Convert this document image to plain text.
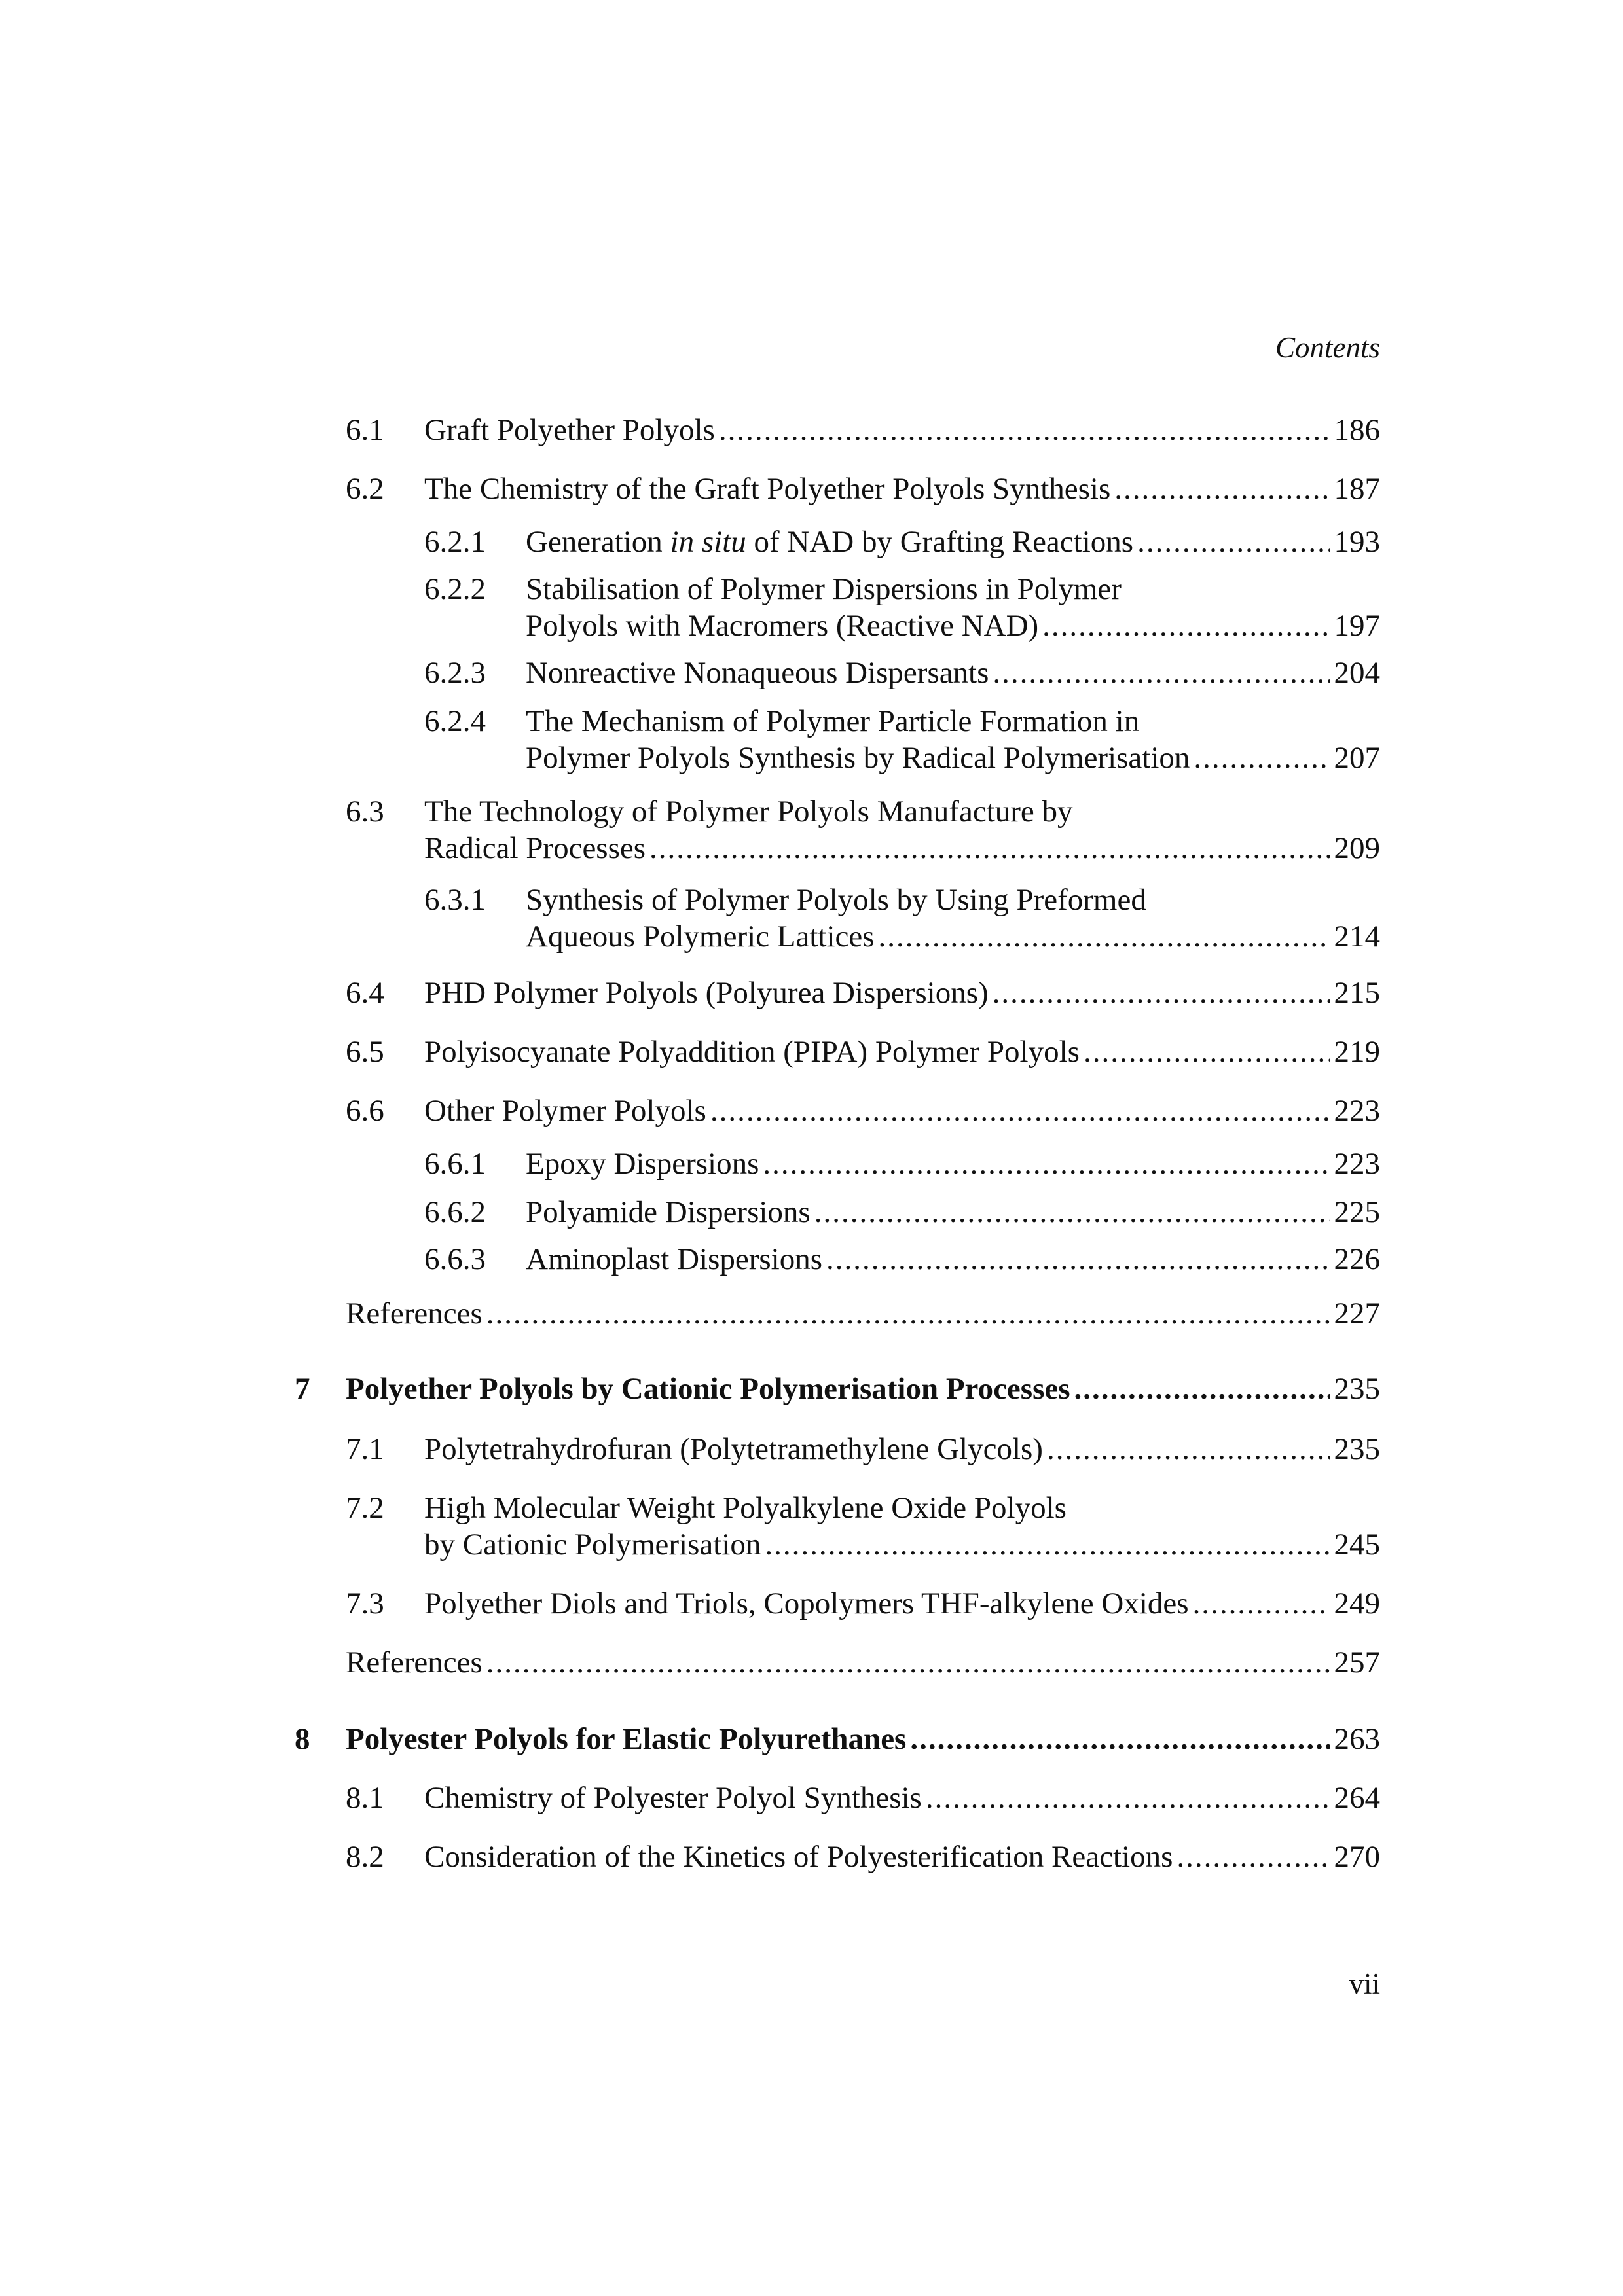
Contents
6.1 Graft Polyether Polyols .....	186
6.2 The Chemistry of the Graft Polyether Polyols Synthesis .....	187
6.2.1 Generation in situ of NAD by Grafting Reactions .....	193
6.2.2 Stabilisation of Polymer Dispersions in Polymer
Polyols with Macromers (Reactive NAD) .....	197
6.2.3 Nonreactive Nonaqueous Dispersants .....	204
6.2.4 The Mechanism of Polymer Particle Formation in
Polymer Polyols Synthesis by Radical Polymerisation .....	207
6.3 The Technology of Polymer Polyols Manufacture by
Radical Processes .....	209
6.3.1 Synthesis of Polymer Polyols by Using Preformed
Aqueous Polymeric Lattices .....	214
6.4 PHD Polymer Polyols (Polyurea Dispersions) .....	215
6.5 Polyisocyanate Polyaddition (PIPA) Polymer Polyols .....	219
6.6 Other Polymer Polyols .....	223
6.6.1 Epoxy Dispersions .....	223
6.6.2 Polyamide Dispersions .....	225
6.6.3 Aminoplast Dispersions .....	226
References .....	227
7 Polyether Polyols by Cationic Polymerisation Processes .....	235
7.1 Polytetrahydrofuran (Polytetramethylene Glycols) .....	235
7.2 High Molecular Weight Polyalkylene Oxide Polyols
by Cationic Polymerisation .....	245
7.3 Polyether Diols and Triols, Copolymers THF-alkylene Oxides .....	249
References .....	257
8 Polyester Polyols for Elastic Polyurethanes .....	263
8.1 Chemistry of Polyester Polyol Synthesis .....	264
8.2 Consideration of the Kinetics of Polyesterification Reactions .....	270
vii
